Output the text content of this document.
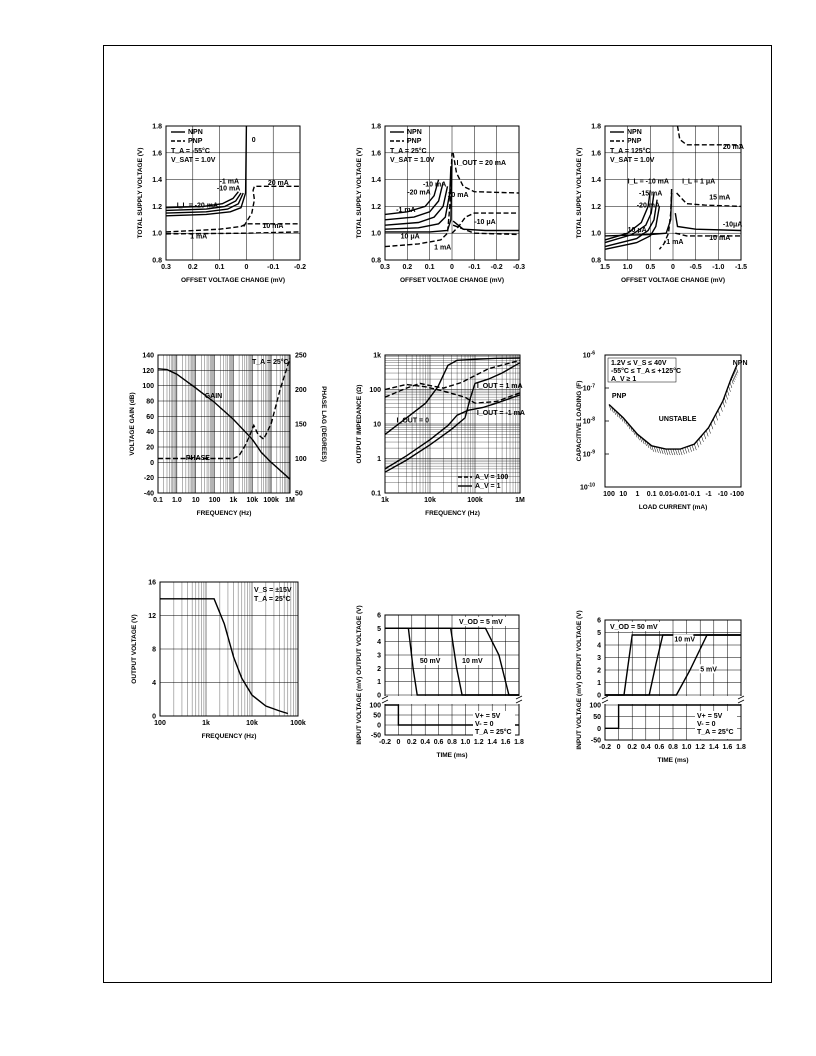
0.3 0.2 0.1	0	-0.1 -0.2
0.8
1.0
1.2
1.4
1.6
1.8
OFFSET VOLTAGE CHANGE (mV)
TOTAL SUPPLY VOLTAGE (V)
0
-1 mA
-10 mA
I_L = -20 mA
20 mA
10 mA
1 mA
NPN
PNP
T_A = -55°C
V_SAT = 1.0V
0.3 0.2 0.1 0 -0.1 -0.2 -0.3
0.8
1.0
1.2
1.4
1.6
1.8
OFFSET VOLTAGE CHANGE (mV)
TOTAL SUPPLY VOLTAGE (V)	I_OUT = 20 mA
-10 mA
-20 mA
-1 mA
10 mA
-10 μA
10 μA
1 mA
NPN
PNP
T_A = 25°C
V_SAT = 1.0V
1.5 1.0 0.5 0 -0.5 -1.0 -1.5
0.8
1.0
1.2
1.4
1.6
1.8
OFFSET VOLTAGE CHANGE (mV)
TOTAL SUPPLY VOLTAGE (V)
20 mA
I_L = -10 mA I_L = 1 μA
-15 mA
15 mA
-20 mA
-10μA
10 μA
-1 mA
10 mA
NPN
PNP
T_A = 125°C
V_SAT = 1.0V
0.1 1.0 10 100 1k 10k 100k 1M
-40
-20
0
20
40
60
80
100
120
140
FREQUENCY (Hz)
VOLTAGE GAIN (dB)
50
100
150
200
250
PHASE LAG (DEGREES)
GAIN
PHASE
T_A = 25°C
1k	10k	100k	1M
0.1
1
10
100
1k
FREQUENCY (Hz)
OUTPUT IMPEDANCE (Ω)	I_OUT = 1 mA
I_OUT = 0
I_OUT = -1 mA
A_V = 100
A_V = 1
LOAD CURRENT (mA)
CAPACITIVE LOADING (F)
100 10 1 0.1 0.01 -0.01 -0.1 -1 -10 -100
$10^{-10}$
$10^{-9}$
$10^{-8}$
$10^{-7}$
$10^{-6}$
NPN
PNP
UNSTABLE
1.2V ≤ V_S ≤ 40V
-55°C ≤ T_A ≤ +125°C
A_V ≥ 1
100	1k	10k	100k
0
4
8
12
16
FREQUENCY (Hz)
OUTPUT VOLTAGE (V)
V_S = ±15V
T_A = 25°C
-0.2 0 0.2 0.4 0.6 0.8 1.0 1.2 1.4 1.6 1.8
0
1
2
3
4
5
6
-50
0
50
100
TIME (ms)
INPUT VOLTAGE (mV) OUTPUT VOLTAGE (V)	50 mV	10 mV
V_OD = 5 mV
V+ = 5V
V- = 0
T_A = 25°C
-0.2 0 0.2 0.4 0.6 0.8 1.0 1.2 1.4 1.6 1.8
0
1
2
3
4
5
6
-50
0
50
100
TIME (ms)
INPUT VOLTAGE (mV) OUTPUT VOLTAGE (V)	10 mV
5 mV
V_OD = 50 mV
V+ = 5V
V- = 0
T_A = 25°C
